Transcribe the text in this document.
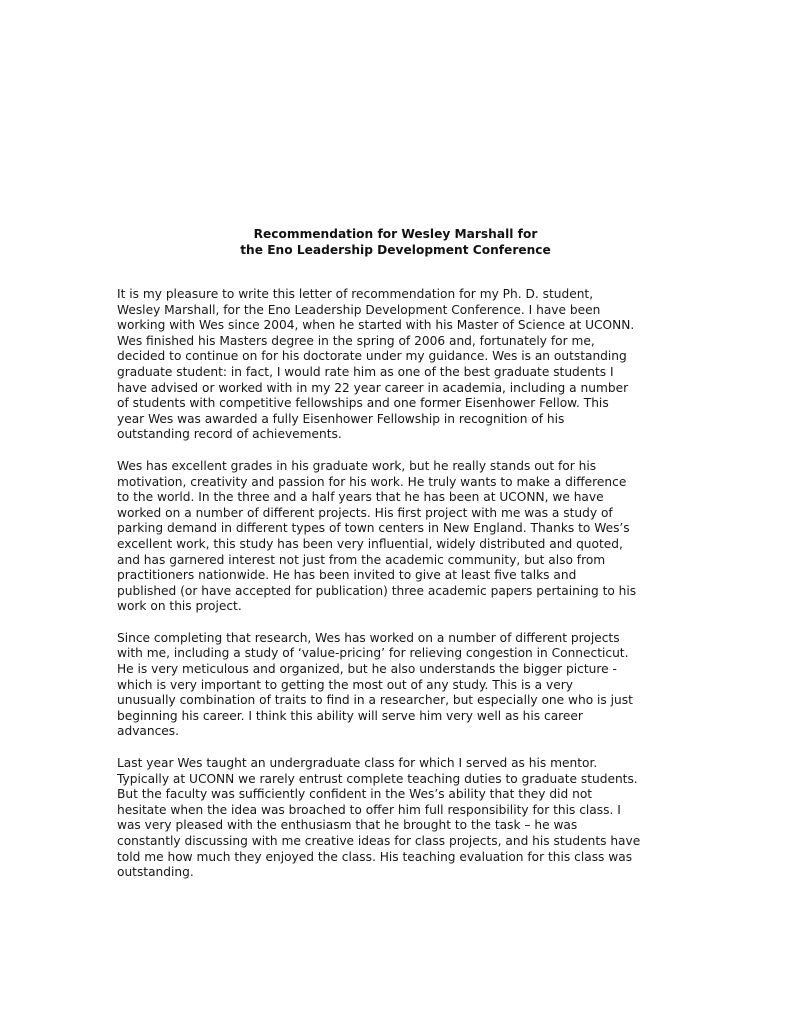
Recommendation for Wesley Marshall for

the Eno Leadership Development Conference

It is my pleasure to write this letter of recommendation for my Ph. D. student,
Wesley Marshall, for the Eno Leadership Development Conference. I have been
working with Wes since 2004, when he started with his Master of Science at UCONN.
Wes finished his Masters degree in the spring of 2006 and, fortunately for me,
decided to continue on for his doctorate under my guidance. Wes is an outstanding
graduate student: in fact, I would rate him as one of the best graduate students I
have advised or worked with in my 22 year career in academia, including a number
of students with competitive fellowships and one former Eisenhower Fellow. This
year Wes was awarded a fully Eisenhower Fellowship in recognition of his
outstanding record of achievements.
Wes has excellent grades in his graduate work, but he really stands out for his
motivation, creativity and passion for his work. He truly wants to make a difference
to the world. In the three and a half years that he has been at UCONN, we have
worked on a number of different projects. His first project with me was a study of
parking demand in different types of town centers in New England. Thanks to Wes’s
excellent work, this study has been very influential, widely distributed and quoted,
and has garnered interest not just from the academic community, but also from
practitioners nationwide. He has been invited to give at least five talks and
published (or have accepted for publication) three academic papers pertaining to his
work on this project.
Since completing that research, Wes has worked on a number of different projects
with me, including a study of ‘value-pricing’ for relieving congestion in Connecticut.
He is very meticulous and organized, but he also understands the bigger picture -
which is very important to getting the most out of any study. This is a very
unusually combination of traits to find in a researcher, but especially one who is just
beginning his career. I think this ability will serve him very well as his career
advances.
Last year Wes taught an undergraduate class for which I served as his mentor.
Typically at UCONN we rarely entrust complete teaching duties to graduate students.
But the faculty was sufficiently confident in the Wes’s ability that they did not
hesitate when the idea was broached to offer him full responsibility for this class. I
was very pleased with the enthusiasm that he brought to the task – he was
constantly discussing with me creative ideas for class projects, and his students have
told me how much they enjoyed the class. His teaching evaluation for this class was
outstanding.
